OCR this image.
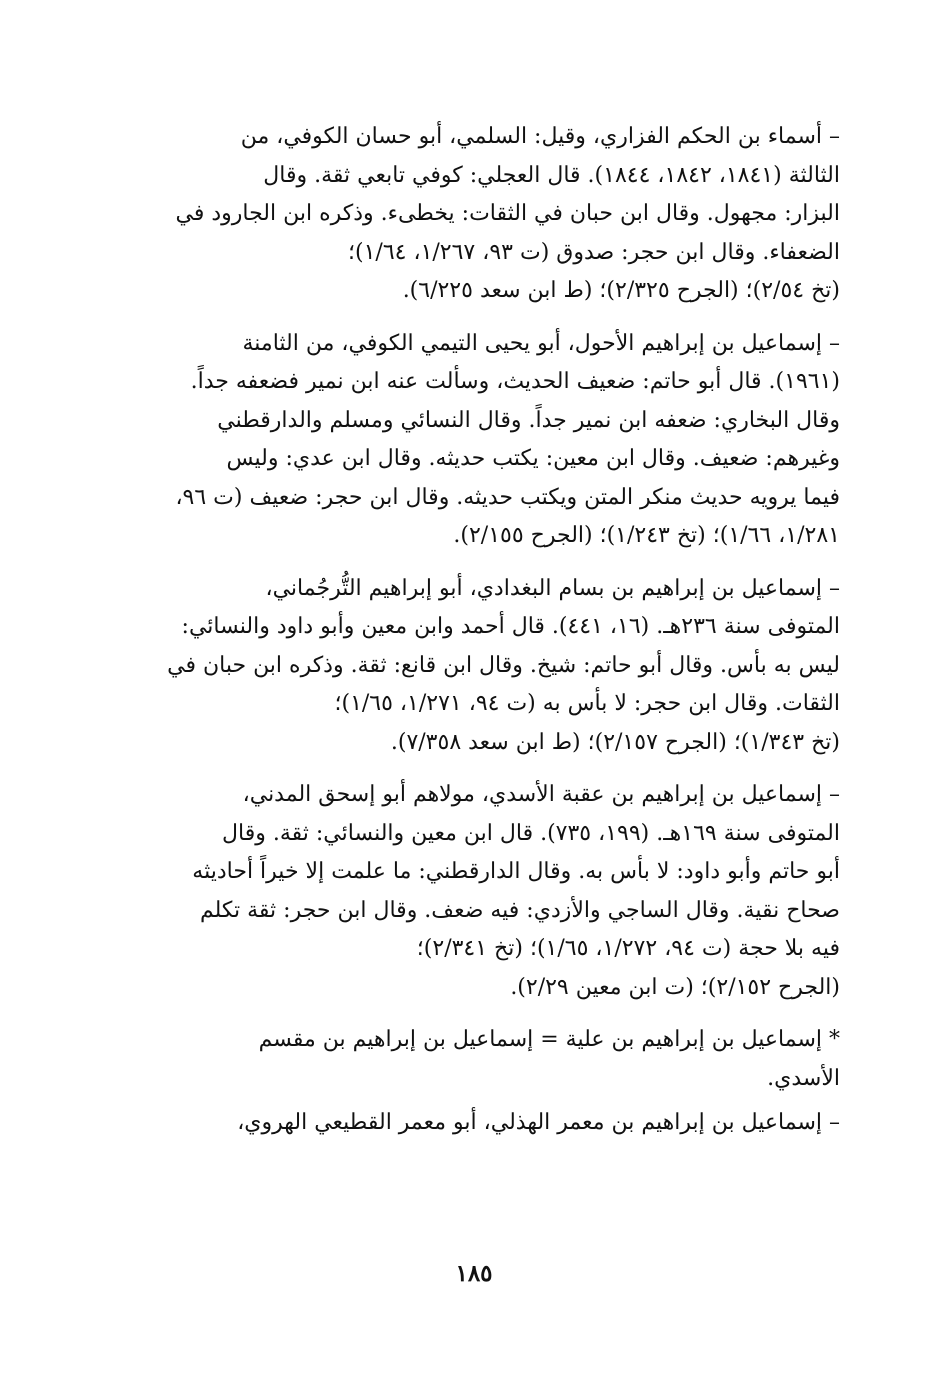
– أسماء بن الحكم الفزاري، وقيل: السلمي، أبو حسان الكوفي، من
الثالثة (١٨٤١، ١٨٤٢، ١٨٤٤). قال العجلي: كوفي تابعي ثقة. وقال
البزار: مجهول. وقال ابن حبان في الثقات: يخطىء. وذكره ابن الجارود في
الضعفاء. وقال ابن حجر: صدوق (ت ٩٣، ١/٢٦٧، ١/٦٤)؛
(تخ ٢/٥٤)؛ (الجرح ٢/٣٢٥)؛ (ط ابن سعد ٦/٢٢٥).
– إسماعيل بن إبراهيم الأحول، أبو يحيى التيمي الكوفي، من الثامنة
(١٩٦١). قال أبو حاتم: ضعيف الحديث، وسألت عنه ابن نمير فضعفه جداً.
وقال البخاري: ضعفه ابن نمير جداً. وقال النسائي ومسلم والدارقطني
وغيرهم: ضعيف. وقال ابن معين: يكتب حديثه. وقال ابن عدي: وليس
فيما يرويه حديث منكر المتن ويكتب حديثه. وقال ابن حجر: ضعيف (ت ٩٦،
١/٢٨١، ١/٦٦)؛ (تخ ١/٢٤٣)؛ (الجرح ٢/١٥٥).
– إسماعيل بن إبراهيم بن بسام البغدادي، أبو إبراهيم التُّرجُماني،
المتوفى سنة ٢٣٦هـ. (١٦، ٤٤١). قال أحمد وابن معين وأبو داود والنسائي:
ليس به بأس. وقال أبو حاتم: شيخ. وقال ابن قانع: ثقة. وذكره ابن حبان في
الثقات. وقال ابن حجر: لا بأس به (ت ٩٤، ١/٢٧١، ١/٦٥)؛
(تخ ١/٣٤٣)؛ (الجرح ٢/١٥٧)؛ (ط ابن سعد ٧/٣٥٨).
– إسماعيل بن إبراهيم بن عقبة الأسدي، مولاهم أبو إسحق المدني،
المتوفى سنة ١٦٩هـ. (١٩٩، ٧٣٥). قال ابن معين والنسائي: ثقة. وقال
أبو حاتم وأبو داود: لا بأس به. وقال الدارقطني: ما علمت إلا خيراً أحاديثه
صحاح نقية. وقال الساجي والأزدي: فيه ضعف. وقال ابن حجر: ثقة تكلم
فيه بلا حجة (ت ٩٤، ١/٢٧٢، ١/٦٥)؛ (تخ ٢/٣٤١)؛
(الجرح ٢/١٥٢)؛ (ت ابن معين ٢/٢٩).
* إسماعيل بن إبراهيم بن علية = إسماعيل بن إبراهيم بن مقسم
الأسدي.
– إسماعيل بن إبراهيم بن معمر الهذلي، أبو معمر القطيعي الهروي،
١٨٥
